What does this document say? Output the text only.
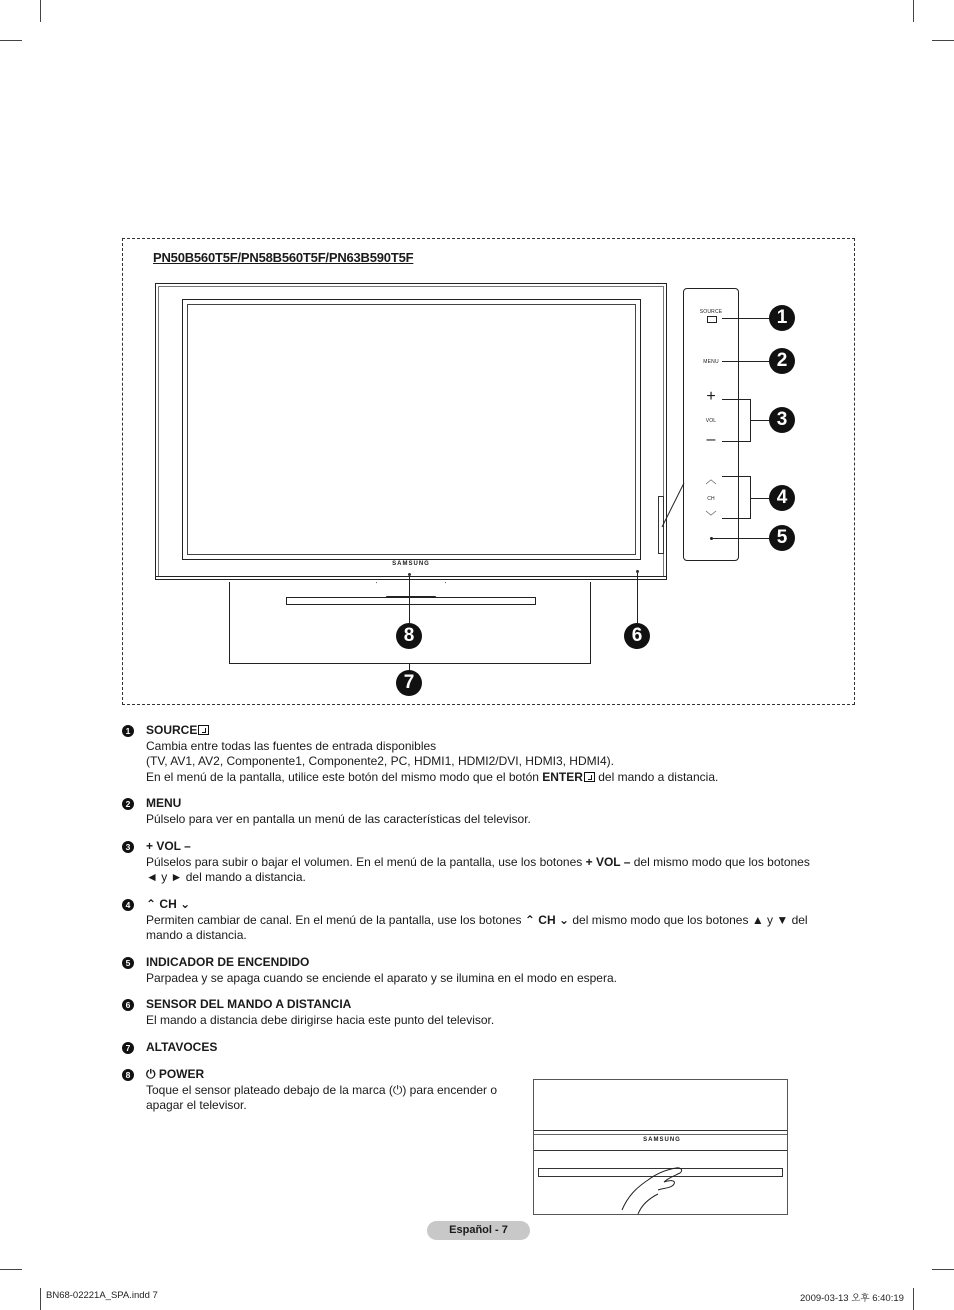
PN50B560T5F/PN58B560T5F/PN63B590T5F
SAMSUNG
SOURCE
MENU
+
VOL
–
︿
CH
﹀
1
2
3
4
5
6
7
8
1	SOURCE
Cambia entre todas las fuentes de entrada disponibles
(TV, AV1, AV2, Componente1, Componente2, PC, HDMI1, HDMI2/DVI, HDMI3, HDMI4).
En el menú de la pantalla, utilice este botón del mismo modo que el botón ENTER del mando a distancia.
2	MENU
Púlselo para ver en pantalla un menú de las características del televisor.
3	+ VOL –
Púlselos para subir o bajar el volumen. En el menú de la pantalla, use los botones + VOL – del mismo modo que los botones
◄ y ► del mando a distancia.
4	⌃ CH ⌄
Permiten cambiar de canal. En el menú de la pantalla, use los botones ⌃ CH ⌄ del mismo modo que los botones ▲ y ▼ del
mando a distancia.
5	INDICADOR DE ENCENDIDO
Parpadea y se apaga cuando se enciende el aparato y se ilumina en el modo en espera.
6	SENSOR DEL MANDO A DISTANCIA
El mando a distancia debe dirigirse hacia este punto del televisor.
7	ALTAVOCES
8	⏻ POWER
Toque el sensor plateado debajo de la marca (⏻) para encender o
apagar el televisor.
SAMSUNG
Español - 7
BN68-02221A_SPA.indd 7	2009-03-13 오후 6:40:19
